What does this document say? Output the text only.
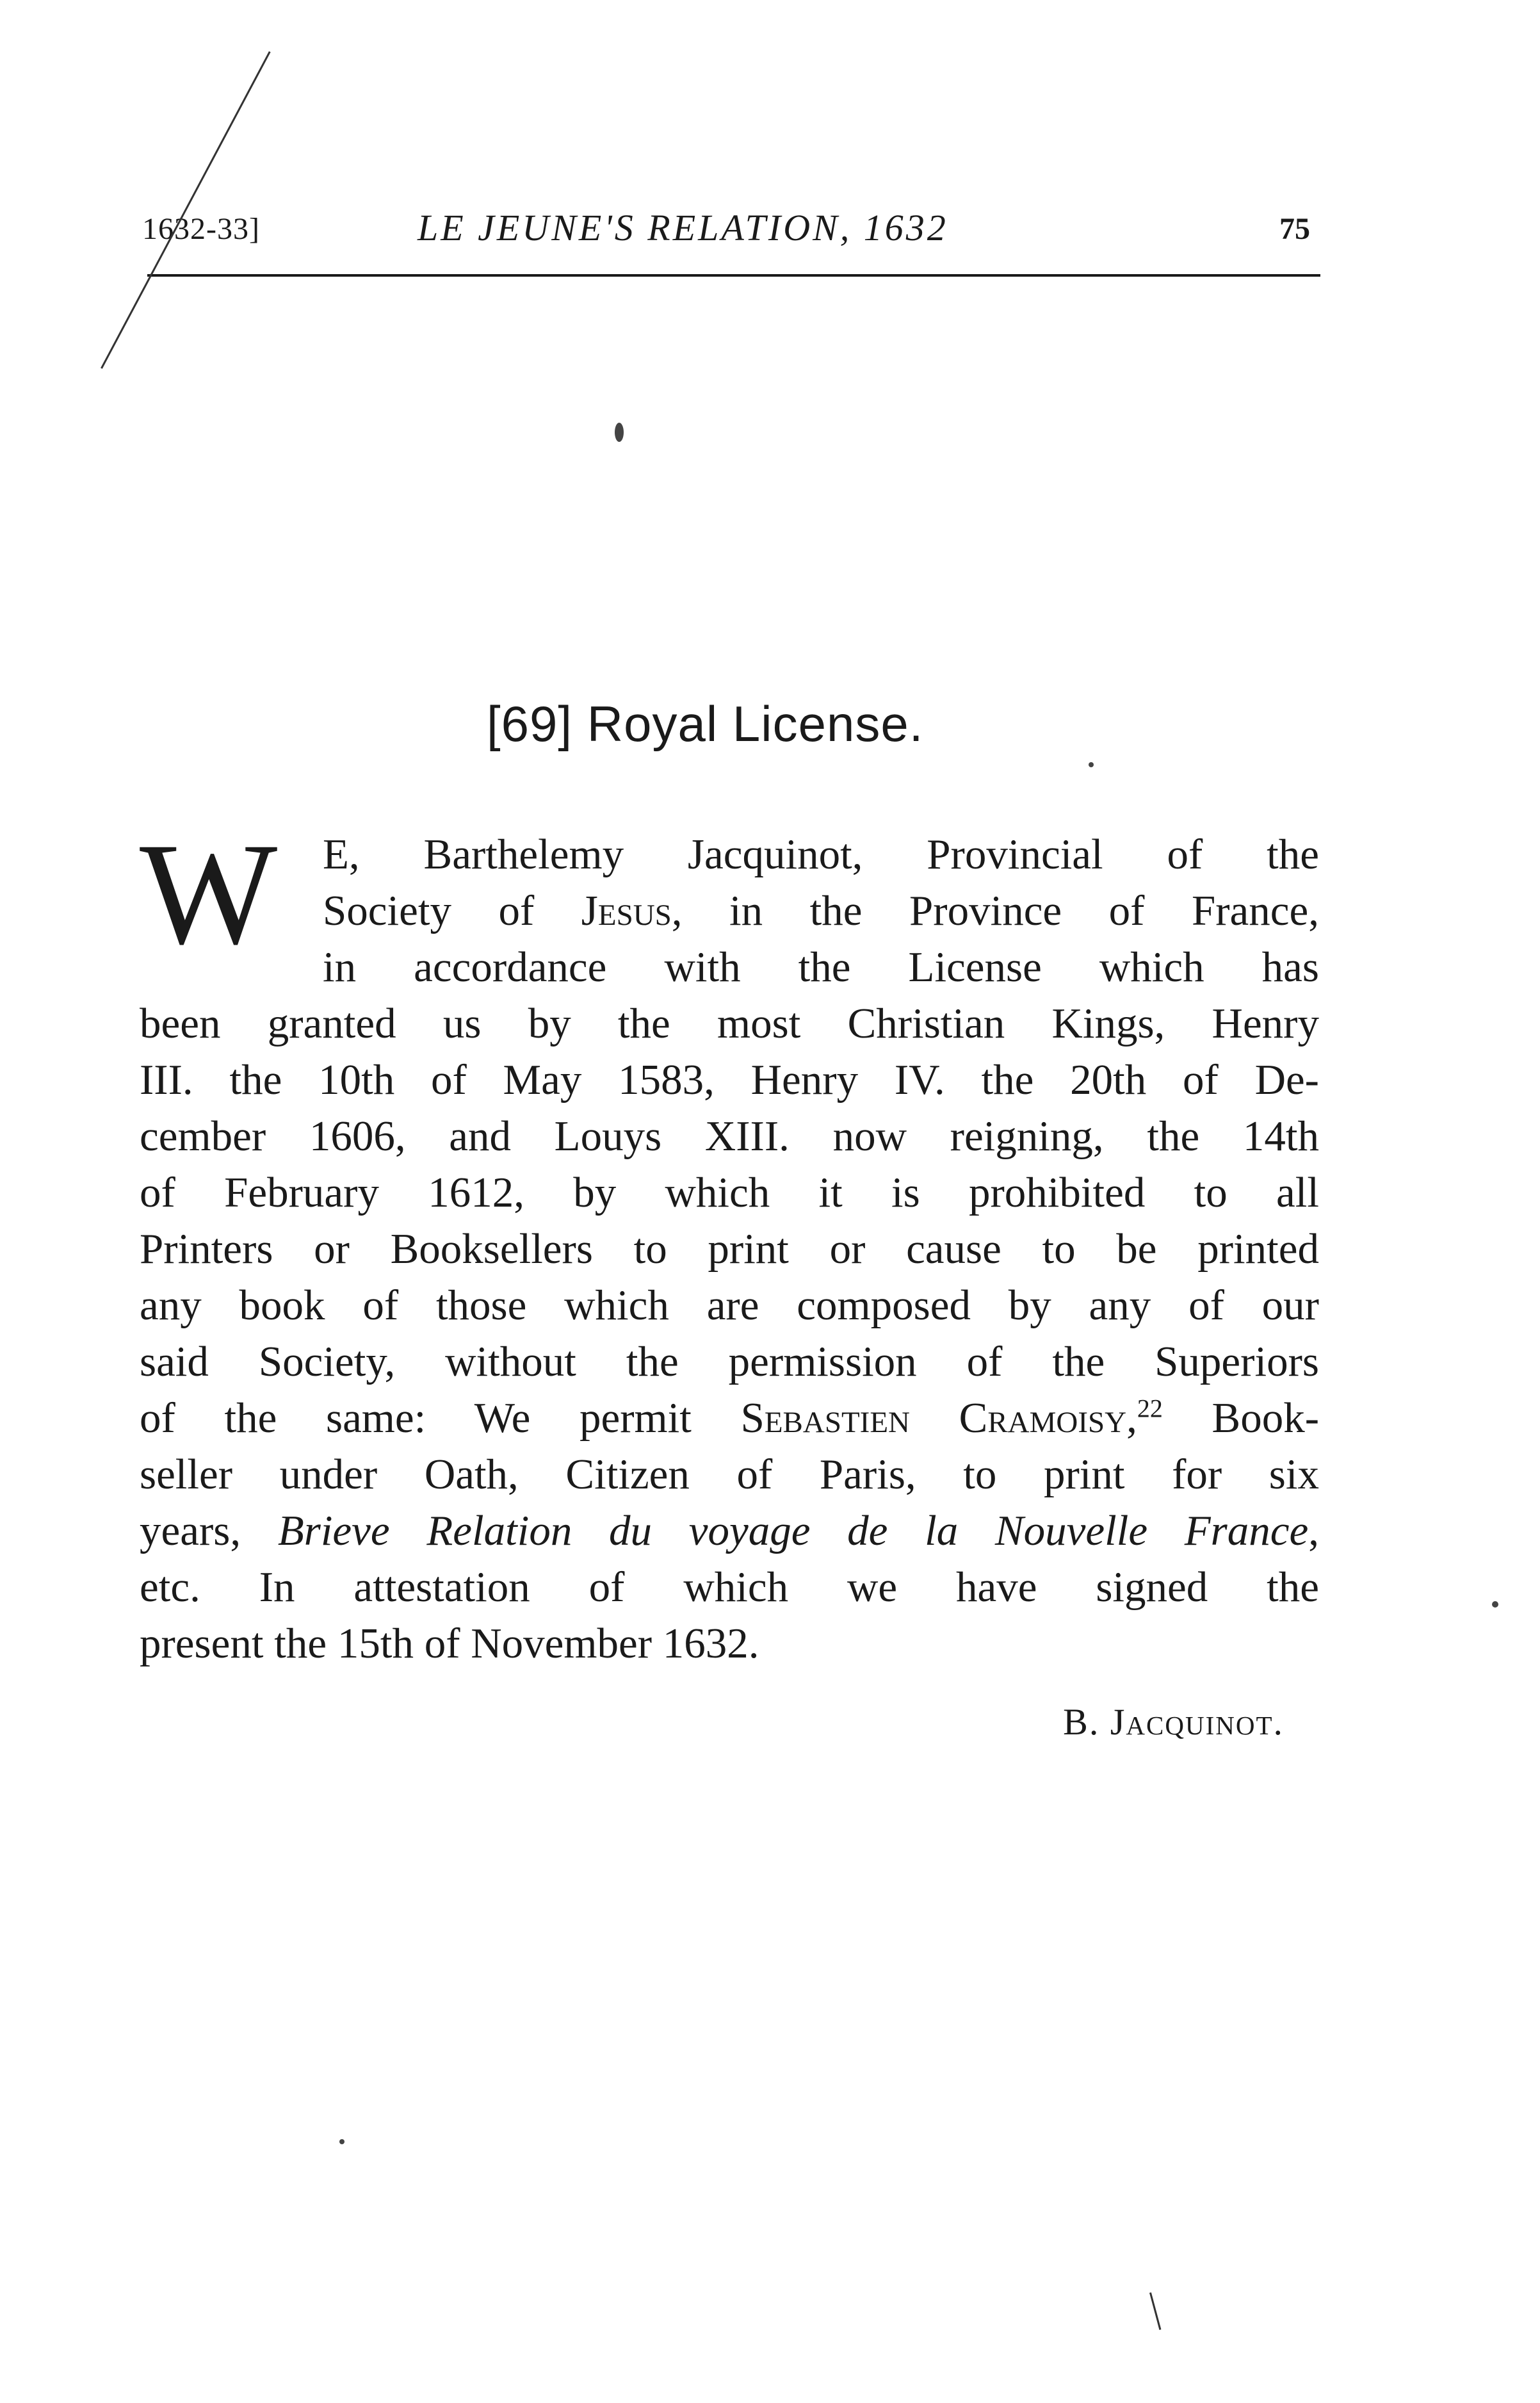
1632-33]	LE JEUNE'S RELATION, 1632	75
[69] Royal License.
W	E, Barthelemy Jacquinot, Provincial of the
Society of Jesus, in the Province of France,
in accordance with the License which has
been granted us by the most Christian Kings, Henry
III. the 10th of May 1583, Henry IV. the 20th of De-
cember 1606, and Louys XIII. now reigning, the 14th
of February 1612, by which it is prohibited to all
Printers or Booksellers to print or cause to be printed
any book of those which are composed by any of our
said Society, without the permission of the Superiors
of the same: We permit Sebastien Cramoisy,$^{22}$ Book-
seller under Oath, Citizen of Paris, to print for six
years, Brieve Relation du voyage de la Nouvelle France,
etc. In attestation of which we have signed the
present the 15th of November 1632.
B. Jacquinot.
